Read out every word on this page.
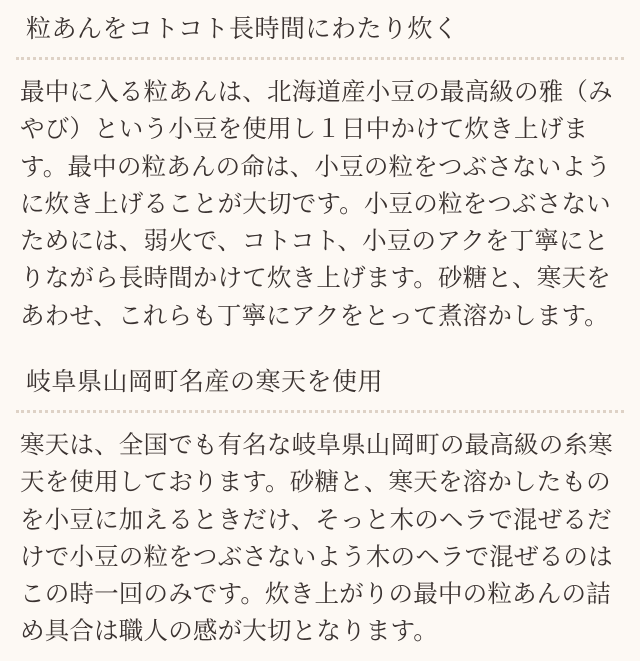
粒あんをコトコト長時間にわたり炊く
最中に入る粒あんは、北海道産小豆の最高級の雅（みやび）という小豆を使用し１日中かけて炊き上げます。最中の粒あんの命は、小豆の粒をつぶさないように炊き上げることが大切です。小豆の粒をつぶさないためには、弱火で、コトコト、小豆のアクを丁寧にとりながら長時間かけて炊き上げます。砂糖と、寒天をあわせ、これらも丁寧にアクをとって煮溶かします。
岐阜県山岡町名産の寒天を使用
寒天は、全国でも有名な岐阜県山岡町の最高級の糸寒天を使用しております。砂糖と、寒天を溶かしたものを小豆に加えるときだけ、そっと木のヘラで混ぜるだけで小豆の粒をつぶさないよう木のヘラで混ぜるのはこの時一回のみです。炊き上がりの最中の粒あんの詰め具合は職人の感が大切となります。
